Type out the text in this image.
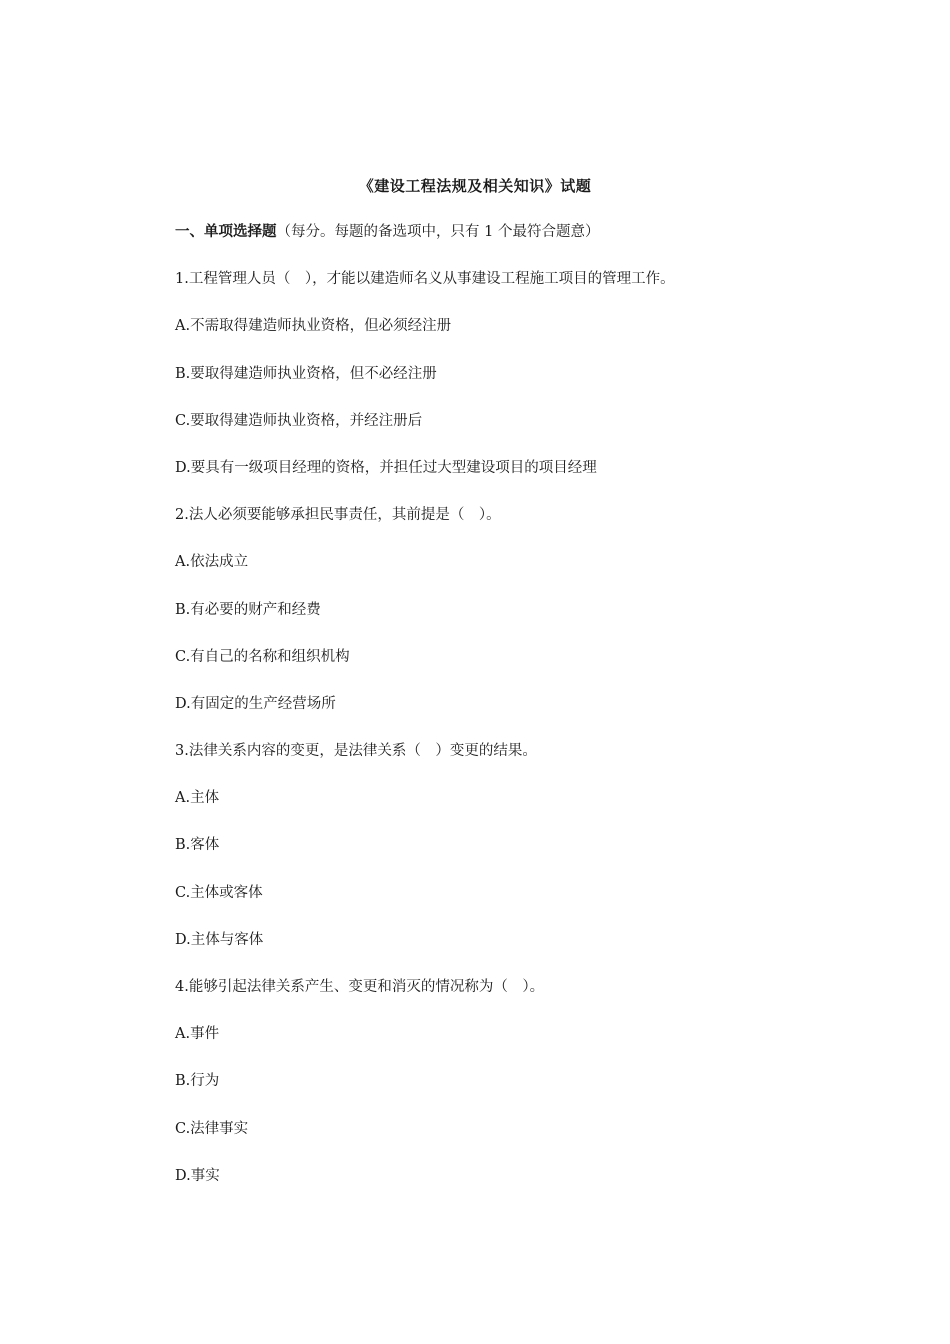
《建设工程法规及相关知识》试题
一、单项选择题（每分。每题的备选项中，只有 1 个最符合题意）
1.工程管理人员（　），才能以建造师名义从事建设工程施工项目的管理工作。
A.不需取得建造师执业资格，但必须经注册
B.要取得建造师执业资格，但不必经注册
C.要取得建造师执业资格，并经注册后
D.要具有一级项目经理的资格，并担任过大型建设项目的项目经理
2.法人必须要能够承担民事责任，其前提是（　）。
A.依法成立
B.有必要的财产和经费
C.有自己的名称和组织机构
D.有固定的生产经营场所
3.法律关系内容的变更，是法律关系（　）变更的结果。
A.主体
B.客体
C.主体或客体
D.主体与客体
4.能够引起法律关系产生、变更和消灭的情况称为（　）。
A.事件
B.行为
C.法律事实
D.事实
